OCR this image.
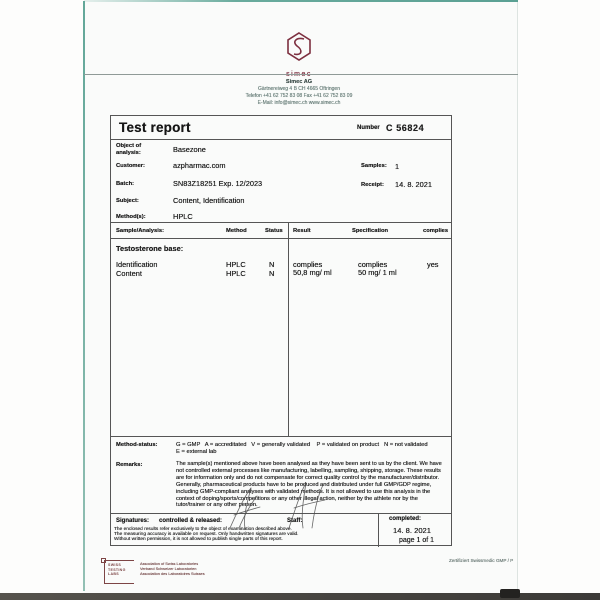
Simec AG
Gärtnereiweg 4 B CH 4665 Oftringen
Telefon +41 62 752 83 08 Fax +41 62 752 83 09
E-Mail: info@simec.ch www.simec.ch
Test report	Number C 56824
Object of analysis:	Basezone
Customer:	azpharmac.com	Samples: 1
Batch:	SN83Z18251 Exp. 12/2023	Receipt: 14. 8. 2021
Subject:	Content, Identification
Method(s):	HPLC
Sample/Analysis:	Method	Status Result	Specification	complies
Testosterone base:
Identification	HPLC	N	complies	complies	yes
Content	HPLC	N	50,8 mg/ ml	50 mg/ 1 ml
Method-status:	G = GMP   A = accreditated   V = generally validated    P = validated on product   N = not validated
E = external lab
Remarks:	The sample(s) mentioned above have been analysed as they have been sent to us by the client. We have not controlled external processes like manufacturing, labelling, sampling, shipping, storage. These results are for information only and do not compensate for correct quality control by the manufacturer/distributor. Generally, pharmaceutical products have to be produced and distributed under full GMP/GDP regime, including GMP-compliant analyses with validated methods. It is not allowed to use this analysis in the context of doping/sports/competitions or any other illegal action, neither by the athlete nor by the tutor/trainer or any other person.
Signatures: controlled & released:	Staff:	completed:
14. 8. 2021
page 1 of 1
The enclosed results refer exclusively to the object of examination described above.
The measuring accuracy is available on request. Only handwritten signatures are valid.
Without written permission, it is not allowed to publish single parts of this report.
SWISS
TESTING
LABS
Association of Swiss Laboratories
Verband Schweizer Laboratorien
Association des Laboratoires Suisses
Zertifiziert Swissmedic GMP / P
